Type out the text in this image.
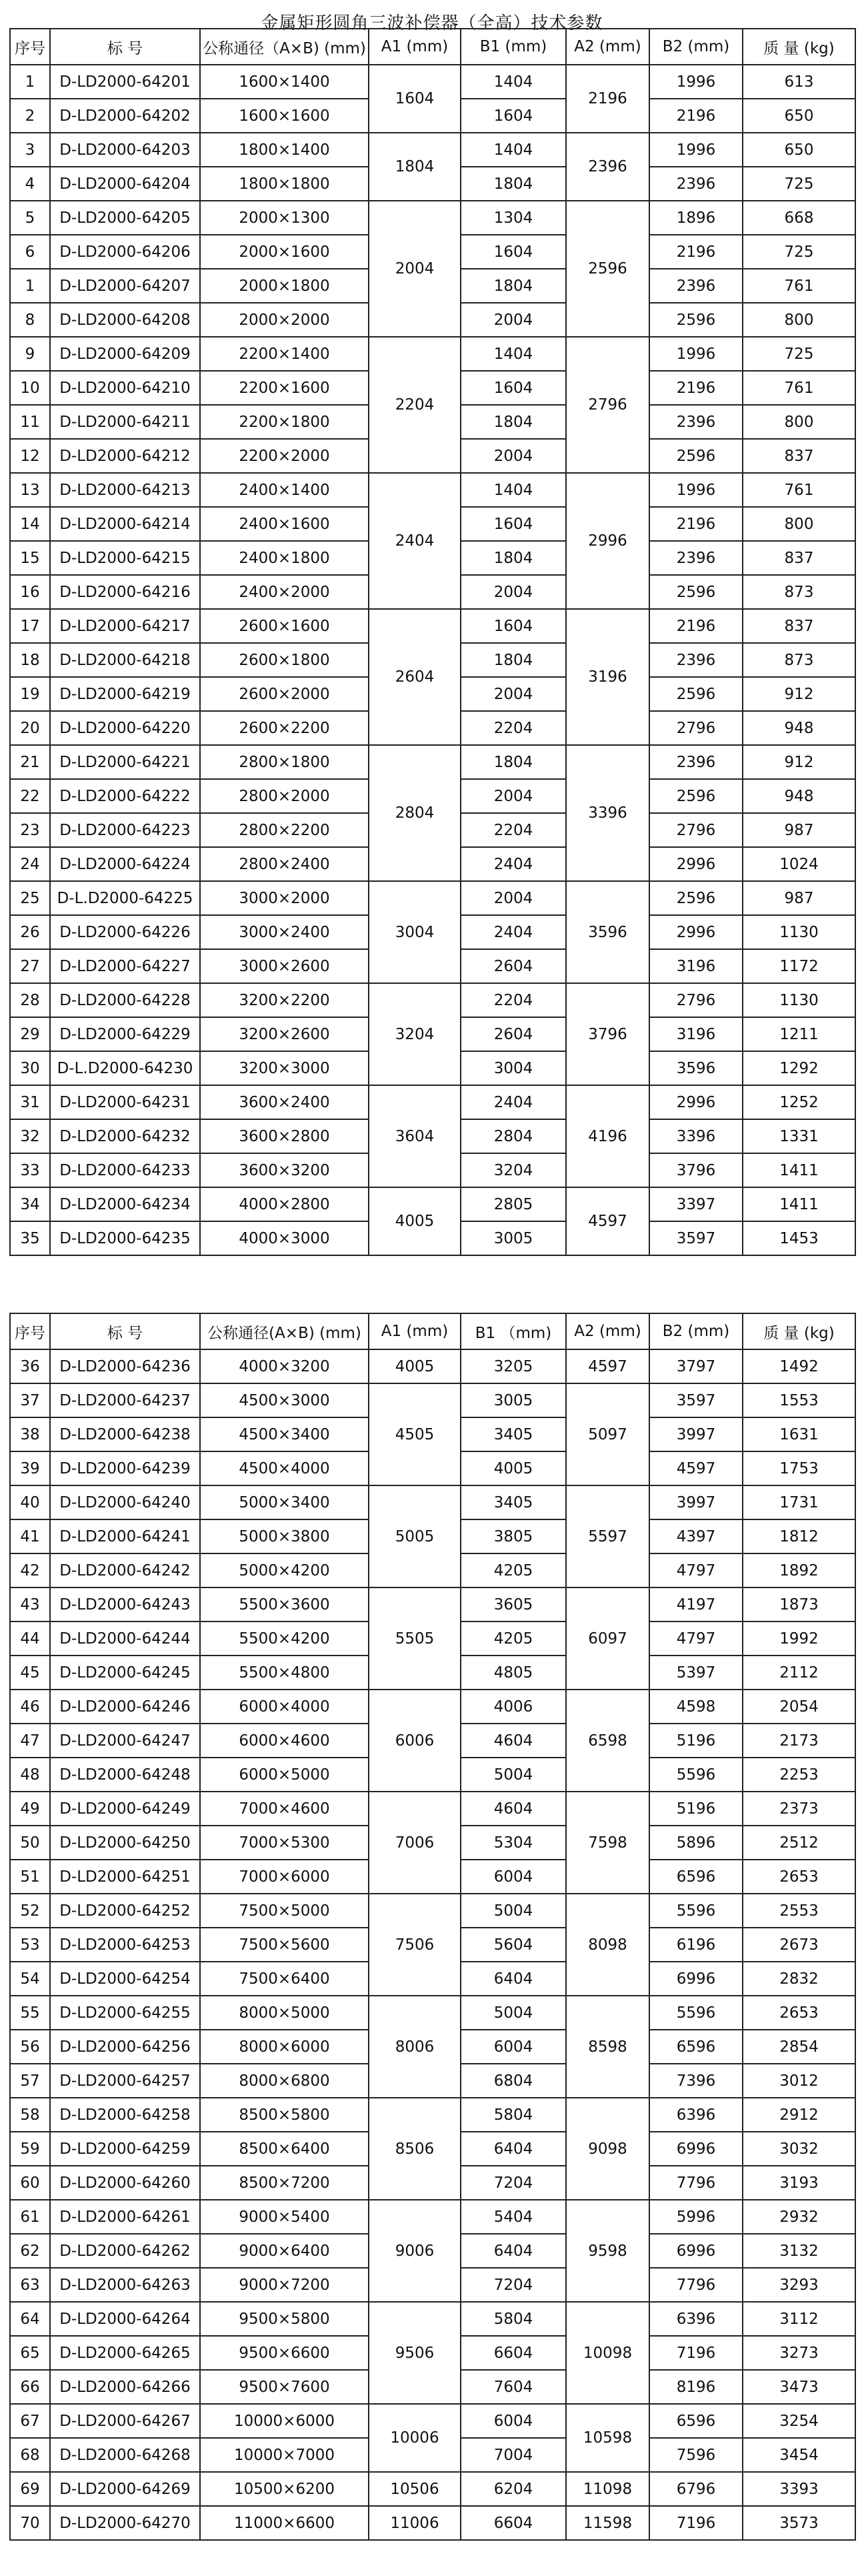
金属矩形圆角三波补偿器（全高）技术参数
序号	标 号	公称通径（A×B) (mm)	A1 (mm)	B1 (mm)	A2 (mm)	B2 (mm)	质 量 (kg)
1	D-LD2000-64201	1600×1400	1604	1404	2196	1996	613
2	D-LD2000-64202	1600×1600		1604		2196	650
3	D-LD2000-64203	1800×1400	1804	1404	2396	1996	650
4	D-LD2000-64204	1800×1800		1804		2396	725
5	D-LD2000-64205	2000×1300	2004	1304	2596	1896	668
6	D-LD2000-64206	2000×1600		1604		2196	725
1	D-LD2000-64207	2000×1800		1804		2396	761
8	D-LD2000-64208	2000×2000		2004		2596	800
9	D-LD2000-64209	2200×1400	2204	1404	2796	1996	725
10	D-LD2000-64210	2200×1600		1604		2196	761
11	D-LD2000-64211	2200×1800		1804		2396	800
12	D-LD2000-64212	2200×2000		2004		2596	837
13	D-LD2000-64213	2400×1400	2404	1404	2996	1996	761
14	D-LD2000-64214	2400×1600		1604		2196	800
15	D-LD2000-64215	2400×1800		1804		2396	837
16	D-LD2000-64216	2400×2000		2004		2596	873
17	D-LD2000-64217	2600×1600	2604	1604	3196	2196	837
18	D-LD2000-64218	2600×1800		1804		2396	873
19	D-LD2000-64219	2600×2000		2004		2596	912
20	D-LD2000-64220	2600×2200		2204		2796	948
21	D-LD2000-64221	2800×1800	2804	1804	3396	2396	912
22	D-LD2000-64222	2800×2000		2004		2596	948
23	D-LD2000-64223	2800×2200		2204		2796	987
24	D-LD2000-64224	2800×2400		2404		2996	1024
25	D-L.D2000-64225	3000×2000	3004	2004	3596	2596	987
26	D-LD2000-64226	3000×2400		2404		2996	1130
27	D-LD2000-64227	3000×2600		2604		3196	1172
28	D-LD2000-64228	3200×2200	3204	2204	3796	2796	1130
29	D-LD2000-64229	3200×2600		2604		3196	1211
30	D-L.D2000-64230	3200×3000		3004		3596	1292
31	D-LD2000-64231	3600×2400	3604	2404	4196	2996	1252
32	D-LD2000-64232	3600×2800		2804		3396	1331
33	D-LD2000-64233	3600×3200		3204		3796	1411
34	D-LD2000-64234	4000×2800	4005	2805	4597	3397	1411
35	D-LD2000-64235	4000×3000		3005		3597	1453
序号	标 号	公称通径(A×B) (mm)	A1 (mm)	B1 （mm)	A2 (mm)	B2 (mm)	质 量 (kg)
36	D-LD2000-64236	4000×3200	4005	3205	4597	3797	1492
37	D-LD2000-64237	4500×3000	4505	3005	5097	3597	1553
38	D-LD2000-64238	4500×3400		3405		3997	1631
39	D-LD2000-64239	4500×4000		4005		4597	1753
40	D-LD2000-64240	5000×3400	5005	3405	5597	3997	1731
41	D-LD2000-64241	5000×3800		3805		4397	1812
42	D-LD2000-64242	5000×4200		4205		4797	1892
43	D-LD2000-64243	5500×3600	5505	3605	6097	4197	1873
44	D-LD2000-64244	5500×4200		4205		4797	1992
45	D-LD2000-64245	5500×4800		4805		5397	2112
46	D-LD2000-64246	6000×4000	6006	4006	6598	4598	2054
47	D-LD2000-64247	6000×4600		4604		5196	2173
48	D-LD2000-64248	6000×5000		5004		5596	2253
49	D-LD2000-64249	7000×4600	7006	4604	7598	5196	2373
50	D-LD2000-64250	7000×5300		5304		5896	2512
51	D-LD2000-64251	7000×6000		6004		6596	2653
52	D-LD2000-64252	7500×5000	7506	5004	8098	5596	2553
53	D-LD2000-64253	7500×5600		5604		6196	2673
54	D-LD2000-64254	7500×6400		6404		6996	2832
55	D-LD2000-64255	8000×5000	8006	5004	8598	5596	2653
56	D-LD2000-64256	8000×6000		6004		6596	2854
57	D-LD2000-64257	8000×6800		6804		7396	3012
58	D-LD2000-64258	8500×5800	8506	5804	9098	6396	2912
59	D-LD2000-64259	8500×6400		6404		6996	3032
60	D-LD2000-64260	8500×7200		7204		7796	3193
61	D-LD2000-64261	9000×5400	9006	5404	9598	5996	2932
62	D-LD2000-64262	9000×6400		6404		6996	3132
63	D-LD2000-64263	9000×7200		7204		7796	3293
64	D-LD2000-64264	9500×5800	9506	5804	10098	6396	3112
65	D-LD2000-64265	9500×6600		6604		7196	3273
66	D-LD2000-64266	9500×7600		7604		8196	3473
67	D-LD2000-64267	10000×6000	10006	6004	10598	6596	3254
68	D-LD2000-64268	10000×7000		7004		7596	3454
69	D-LD2000-64269	10500×6200	10506	6204	11098	6796	3393
70	D-LD2000-64270	11000×6600	11006	6604	11598	7196	3573
